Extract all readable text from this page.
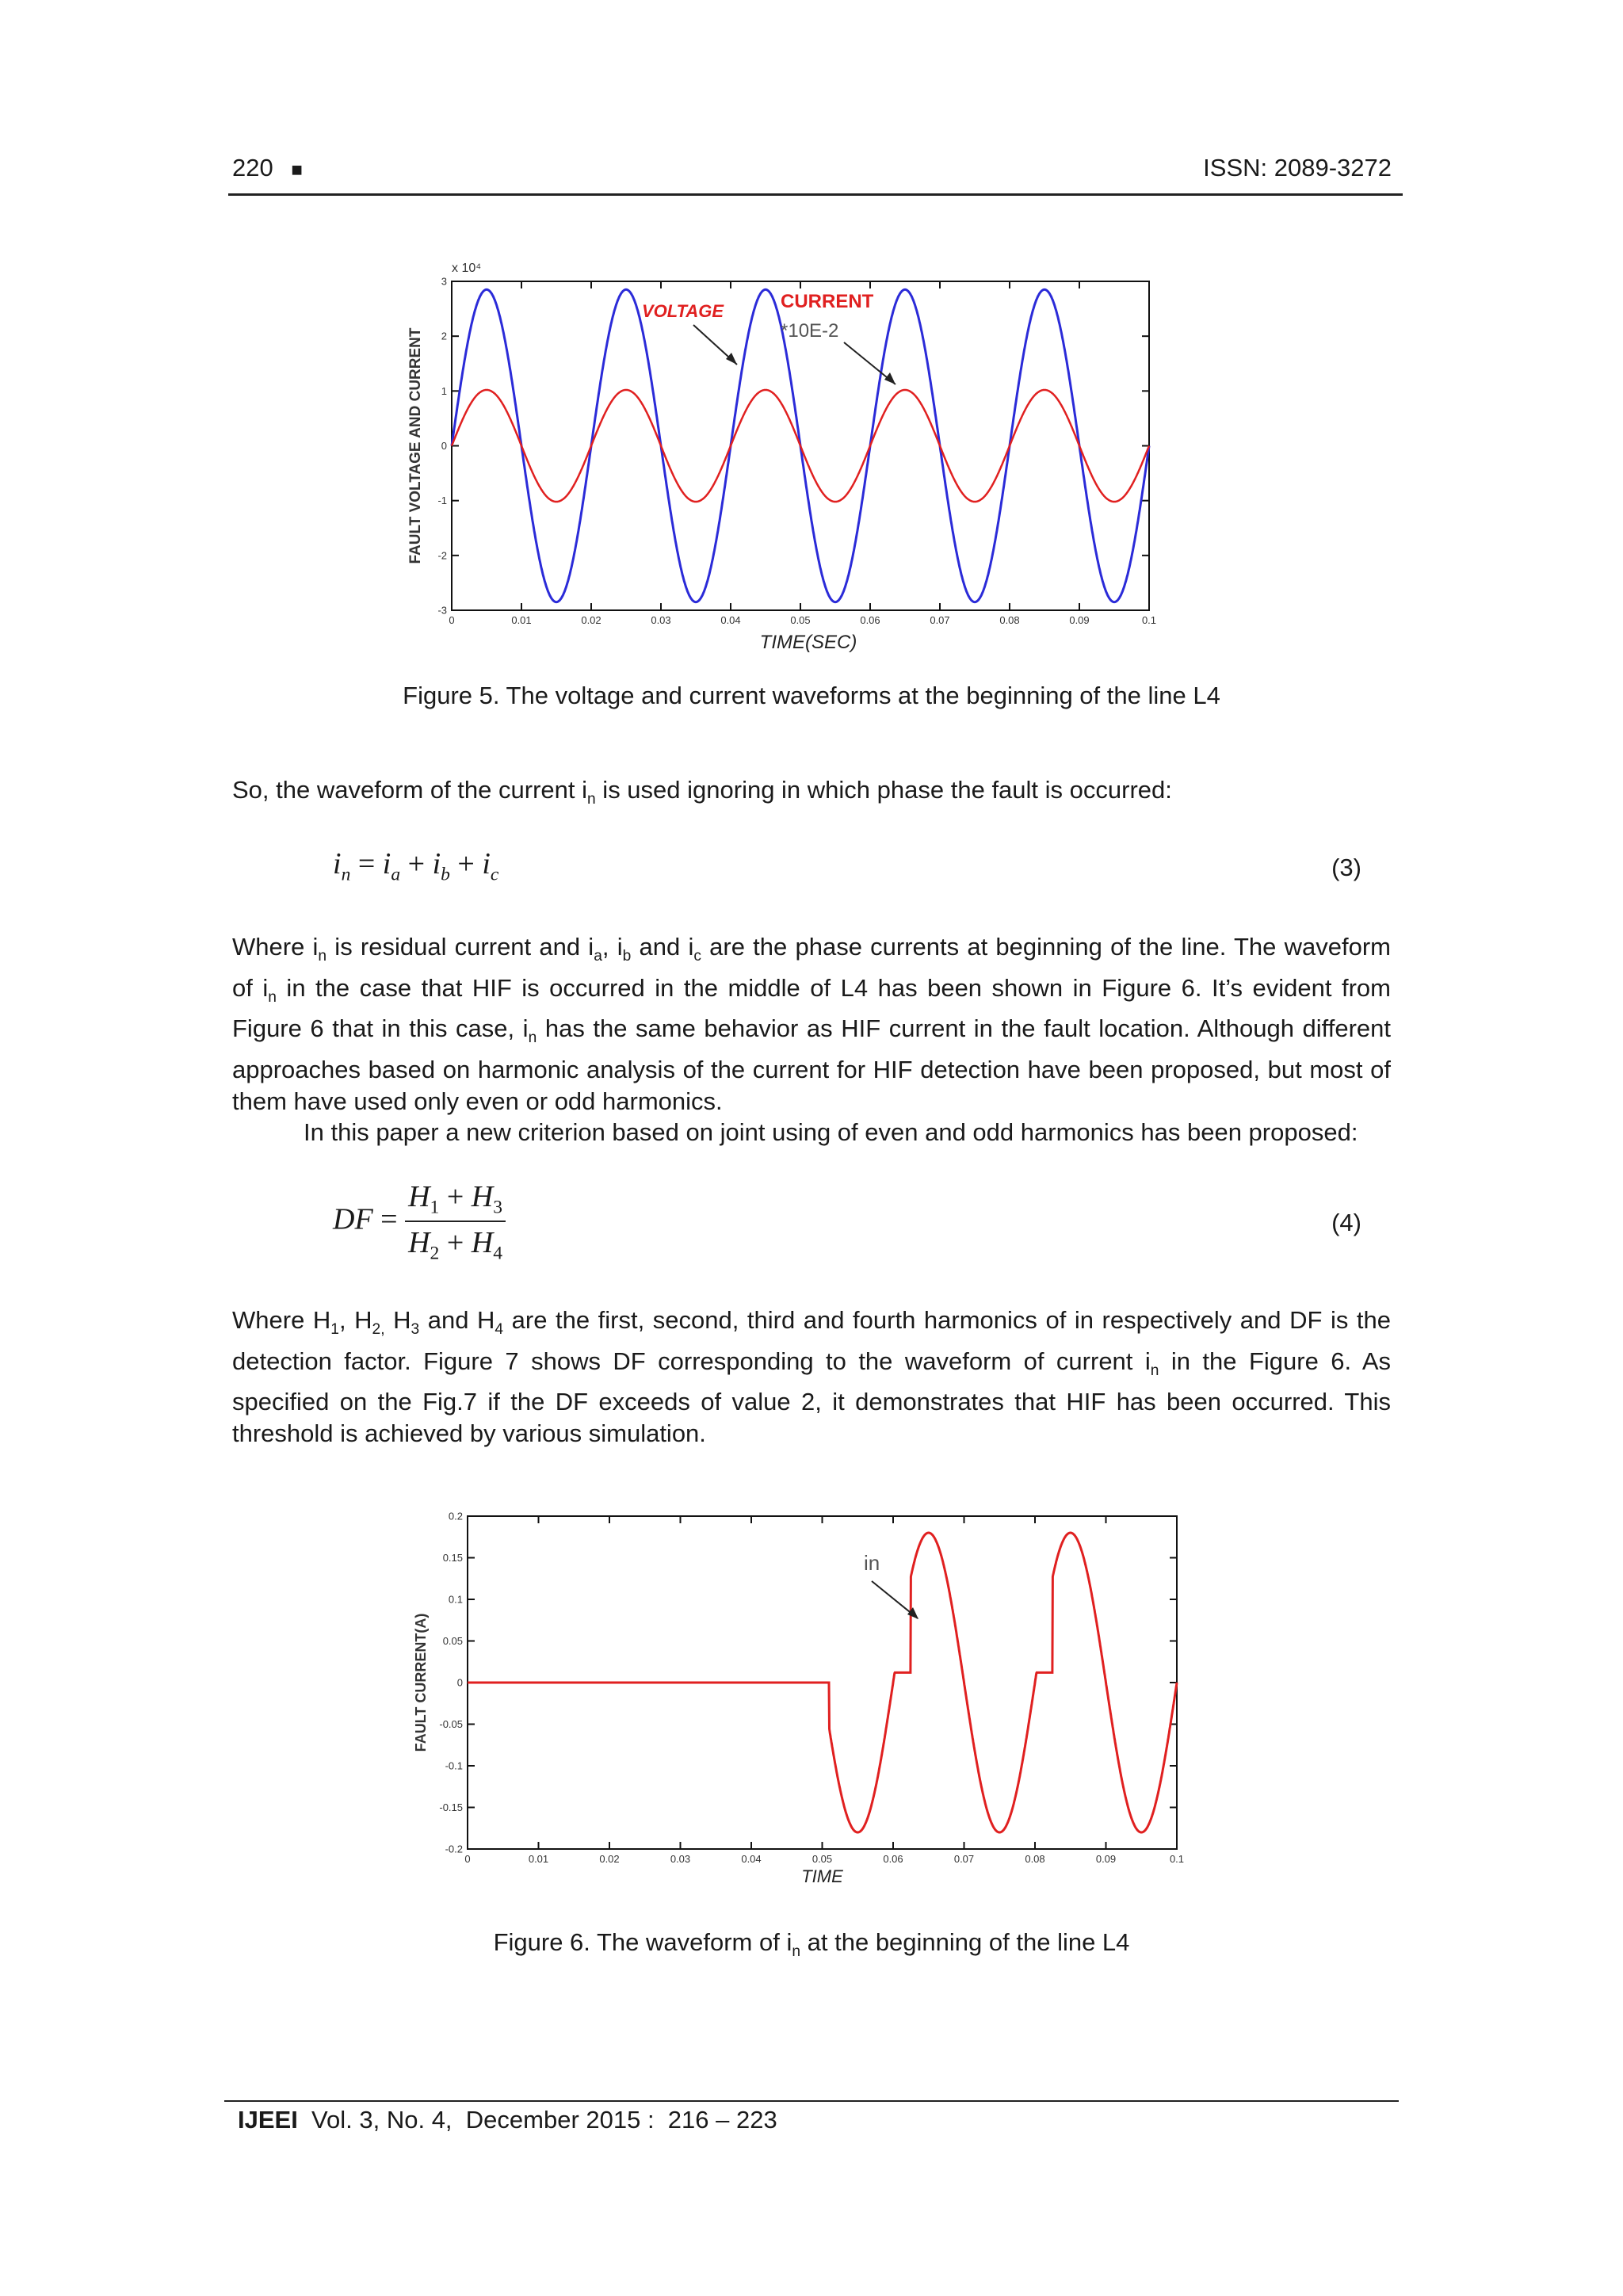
220 ■	ISSN: 2089-3272
0	0.01	0.02	0.03	0.04	0.05	0.06	0.07	0.08	0.09	0.1
3
2
1
0
-1
-2
-3
x 10⁴
TIME(SEC)
FAULT VOLTAGE AND CURRENT
VOLTAGE	CURRENT
*10E-2
Figure 5. The voltage and current waveforms at the beginning of the line L4

So, the waveform of the current $i_n$ is used ignoring in which phase the fault is occurred:

$i_n = i_a + i_b + i_c$	(3)

Where $i_n$ is residual current and $i_a$, $i_b$ and $i_c$ are the phase currents at beginning of the line. The waveform of $i_n$ in the case that HIF is occurred in the middle of L4 has been shown in Figure 6. It’s evident from Figure 6 that in this case, $i_n$ has the same behavior as HIF current in the fault location. Although different approaches based on harmonic analysis of the current for HIF detection have been proposed, but most of them have used only even or odd harmonics.

In this paper a new criterion based on joint using of even and odd harmonics has been proposed:

DF = $\frac{H_1 + H_3}{H_2 + H_4}$	(4)

Where $H_1$, $H_{2,}$ $H_3$ and $H_4$ are the first, second, third and fourth harmonics of in respectively and DF is the detection factor. Figure 7 shows DF corresponding to the waveform of current $i_n$ in the Figure 6. As specified on the Fig.7 if the DF exceeds of value 2, it demonstrates that HIF has been occurred. This threshold is achieved by various simulation.

0	0.01	0.02	0.03	0.04	0.05	0.06	0.07	0.08	0.09	0.1
0.2
0.15
0.1
0.05
0
-0.05
-0.1
-0.15
-0.2
TIME
FAULT CURRENT(A)
in
Figure 6. The waveform of $i_n$ at the beginning of the line L4
IJEEI  Vol. 3, No. 4,  December 2015 :  216 – 223
